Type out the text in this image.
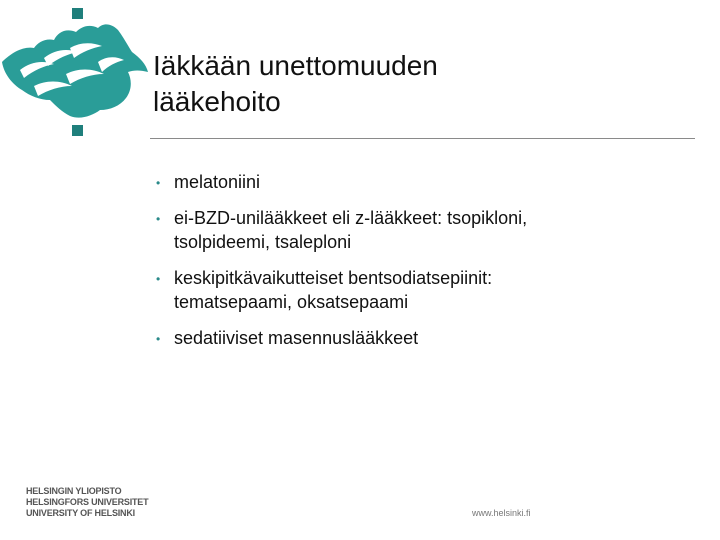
Iäkkään unettomuuden
lääkehoito
• melatoniini
• ei-BZD-unilääkkeet eli z-lääkkeet: tsopikloni,
tsolpideemi, tsaleploni
• keskipitkävaikutteiset bentsodiatsepiinit:
tematsepaami, oksatsepaami
• sedatiiviset masennuslääkkeet
HELSINGIN YLIOPISTO
HELSINGFORS UNIVERSITET
UNIVERSITY OF HELSINKI	www.helsinki.fi
